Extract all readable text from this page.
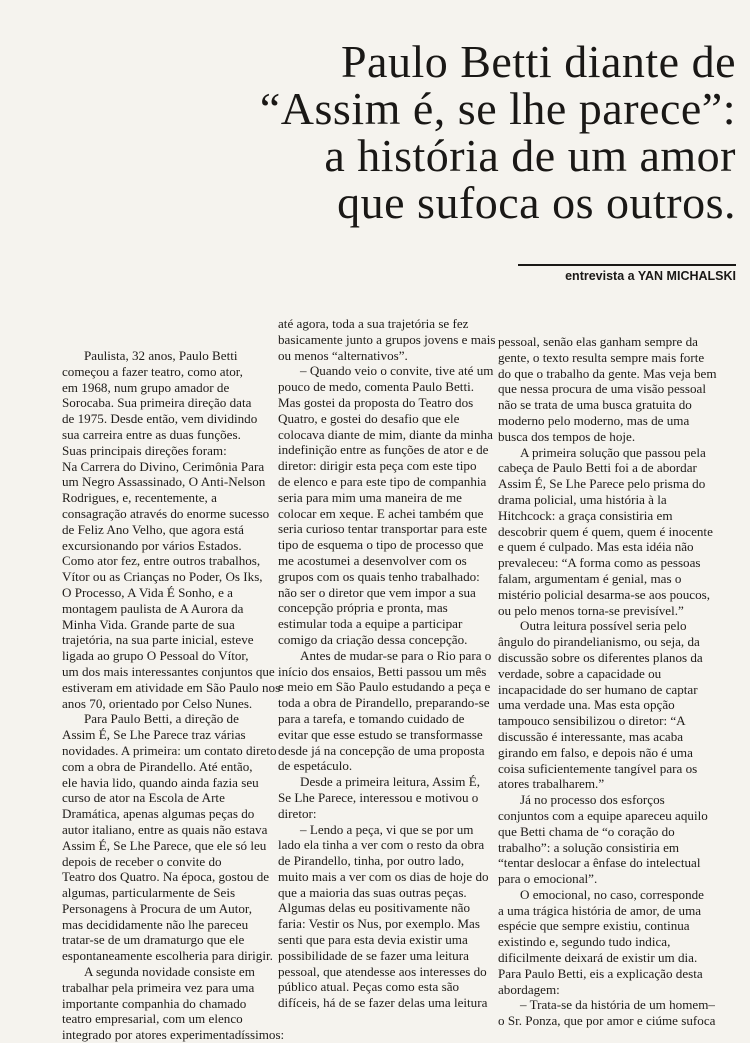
Paulo Betti diante de
“Assim é, se lhe parece”:
a história de um amor
que sufoca os outros.
entrevista a YAN MICHALSKI
Paulista, 32 anos, Paulo Betti
começou a fazer teatro, como ator,
em 1968, num grupo amador de
Sorocaba. Sua primeira direção data
de 1975. Desde então, vem dividindo
sua carreira entre as duas funções.
Suas principais direções foram:
Na Carrera do Divino, Cerimônia Para
um Negro Assassinado, O Anti-Nelson
Rodrigues, e, recentemente, a
consagração através do enorme sucesso
de Feliz Ano Velho, que agora está
excursionando por vários Estados.
Como ator fez, entre outros trabalhos,
Vítor ou as Crianças no Poder, Os Iks,
O Processo, A Vida É Sonho, e a
montagem paulista de A Aurora da
Minha Vida. Grande parte de sua
trajetória, na sua parte inicial, esteve
ligada ao grupo O Pessoal do Vítor,
um dos mais interessantes conjuntos que
estiveram em atividade em São Paulo nos
anos 70, orientado por Celso Nunes.
Para Paulo Betti, a direção de
Assim É, Se Lhe Parece traz várias
novidades. A primeira: um contato direto
com a obra de Pirandello. Até então,
ele havia lido, quando ainda fazia seu
curso de ator na Escola de Arte
Dramática, apenas algumas peças do
autor italiano, entre as quais não estava
Assim É, Se Lhe Parece, que ele só leu
depois de receber o convite do
Teatro dos Quatro. Na época, gostou de
algumas, particularmente de Seis
Personagens à Procura de um Autor,
mas decididamente não lhe pareceu
tratar-se de um dramaturgo que ele
espontaneamente escolheria para dirigir.
A segunda novidade consiste em
trabalhar pela primeira vez para uma
importante companhia do chamado
teatro empresarial, com um elenco
integrado por atores experimentadíssimos:
até agora, toda a sua trajetória se fez
basicamente junto a grupos jovens e mais
ou menos “alternativos”.
– Quando veio o convite, tive até um
pouco de medo, comenta Paulo Betti.
Mas gostei da proposta do Teatro dos
Quatro, e gostei do desafio que ele
colocava diante de mim, diante da minha
indefinição entre as funções de ator e de
diretor: dirigir esta peça com este tipo
de elenco e para este tipo de companhia
seria para mim uma maneira de me
colocar em xeque. E achei também que
seria curioso tentar transportar para este
tipo de esquema o tipo de processo que
me acostumei a desenvolver com os
grupos com os quais tenho trabalhado:
não ser o diretor que vem impor a sua
concepção própria e pronta, mas
estimular toda a equipe a participar
comigo da criação dessa concepção.
Antes de mudar-se para o Rio para o
início dos ensaios, Betti passou um mês
e meio em São Paulo estudando a peça e
toda a obra de Pirandello, preparando-se
para a tarefa, e tomando cuidado de
evitar que esse estudo se transformasse
desde já na concepção de uma proposta
de espetáculo.
Desde a primeira leitura, Assim É,
Se Lhe Parece, interessou e motivou o
diretor:
– Lendo a peça, vi que se por um
lado ela tinha a ver com o resto da obra
de Pirandello, tinha, por outro lado,
muito mais a ver com os dias de hoje do
que a maioria das suas outras peças.
Algumas delas eu positivamente não
faria: Vestir os Nus, por exemplo. Mas
senti que para esta devia existir uma
possibilidade de se fazer uma leitura
pessoal, que atendesse aos interesses do
público atual. Peças como esta são
difíceis, há de se fazer delas uma leitura
pessoal, senão elas ganham sempre da
gente, o texto resulta sempre mais forte
do que o trabalho da gente. Mas veja bem
que nessa procura de uma visão pessoal
não se trata de uma busca gratuita do
moderno pelo moderno, mas de uma
busca dos tempos de hoje.
A primeira solução que passou pela
cabeça de Paulo Betti foi a de abordar
Assim É, Se Lhe Parece pelo prisma do
drama policial, uma história à la
Hitchcock: a graça consistiria em
descobrir quem é quem, quem é inocente
e quem é culpado. Mas esta idéia não
prevaleceu: “A forma como as pessoas
falam, argumentam é genial, mas o
mistério policial desarma-se aos poucos,
ou pelo menos torna-se previsível.”
Outra leitura possível seria pelo
ângulo do pirandelianismo, ou seja, da
discussão sobre os diferentes planos da
verdade, sobre a capacidade ou
incapacidade do ser humano de captar
uma verdade una. Mas esta opção
tampouco sensibilizou o diretor: “A
discussão é interessante, mas acaba
girando em falso, e depois não é uma
coisa suficientemente tangível para os
atores trabalharem.”
Já no processo dos esforços
conjuntos com a equipe apareceu aquilo
que Betti chama de “o coração do
trabalho”: a solução consistiria em
“tentar deslocar a ênfase do intelectual
para o emocional”.
O emocional, no caso, corresponde
a uma trágica história de amor, de uma
espécie que sempre existiu, continua
existindo e, segundo tudo indica,
dificilmente deixará de existir um dia.
Para Paulo Betti, eis a explicação desta
abordagem:
– Trata-se da história de um homem–
o Sr. Ponza, que por amor e ciúme sufoca
